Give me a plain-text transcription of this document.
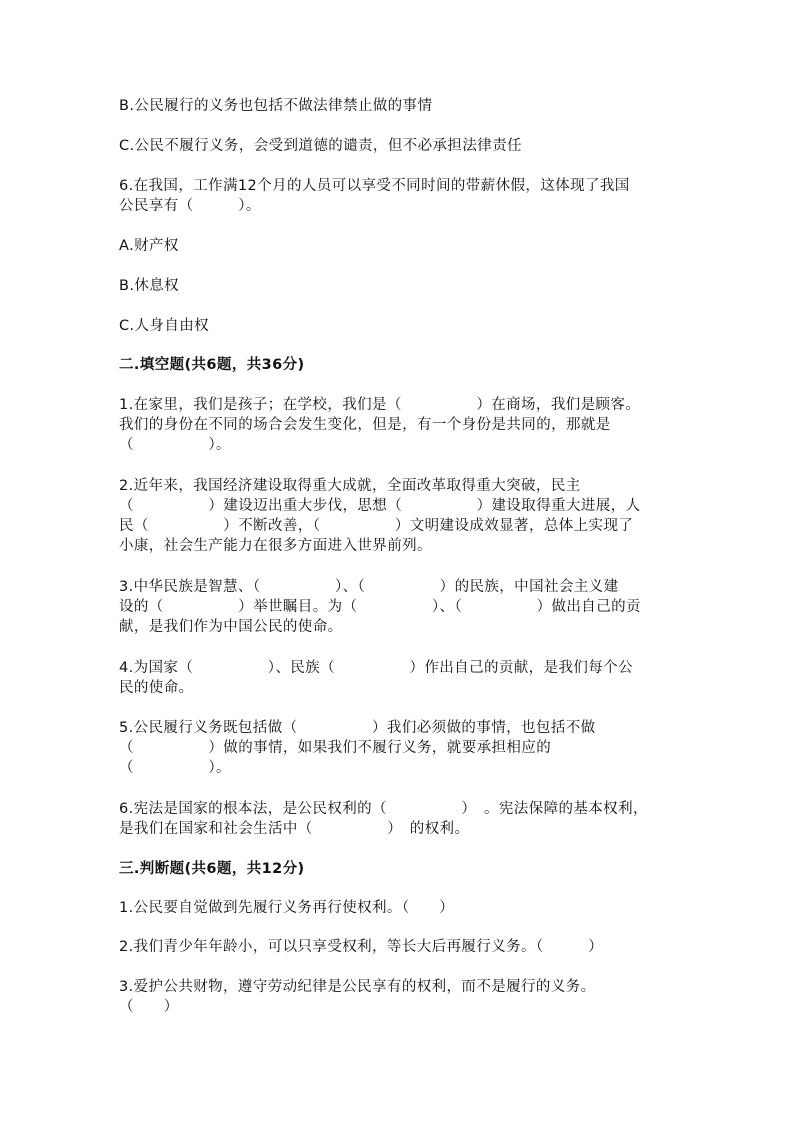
B.公民履行的义务也包括不做法律禁止做的事情
C.公民不履行义务，会受到道德的谴责，但不必承担法律责任
6.在我国，工作满12个月的人员可以享受不同时间的带薪休假，这体现了我国
公民享有（　　　）。
A.财产权
B.休息权
C.人身自由权
二.填空题(共6题，共36分)
1.在家里，我们是孩子；在学校，我们是（　　　　　）在商场，我们是顾客。
我们的身份在不同的场合会发生变化，但是，有一个身份是共同的，那就是
（　　　　　）。
2.近年来，我国经济建设取得重大成就，全面改革取得重大突破，民主
（　　　　　）建设迈出重大步伐，思想（　　　　　）建设取得重大进展，人
民（　　　　　）不断改善，（　　　　　）文明建设成效显著，总体上实现了
小康，社会生产能力在很多方面进入世界前列。
3.中华民族是智慧、（　　　　　）、（　　　　　）的民族，中国社会主义建
设的（　　　　　）举世瞩目。为（　　　　　）、（　　　　　）做出自己的贡
献，是我们作为中国公民的使命。
4.为国家（　　　　　）、民族（　　　　　）作出自己的贡献，是我们每个公
民的使命。
5.公民履行义务既包括做（　　　　　）我们必须做的事情，也包括不做
（　　　　　）做的事情，如果我们不履行义务，就要承担相应的
（　　　　　）。
6.宪法是国家的根本法，是公民权利的（　　　　　）　。宪法保障的基本权利，
是我们在国家和社会生活中（　　　　　）　的权利。
三.判断题(共6题，共12分)
1.公民要自觉做到先履行义务再行使权利。（　　）
2.我们青少年年龄小，可以只享受权利，等长大后再履行义务。（　　　）
3.爱护公共财物，遵守劳动纪律是公民享有的权利，而不是履行的义务。
（　　）
